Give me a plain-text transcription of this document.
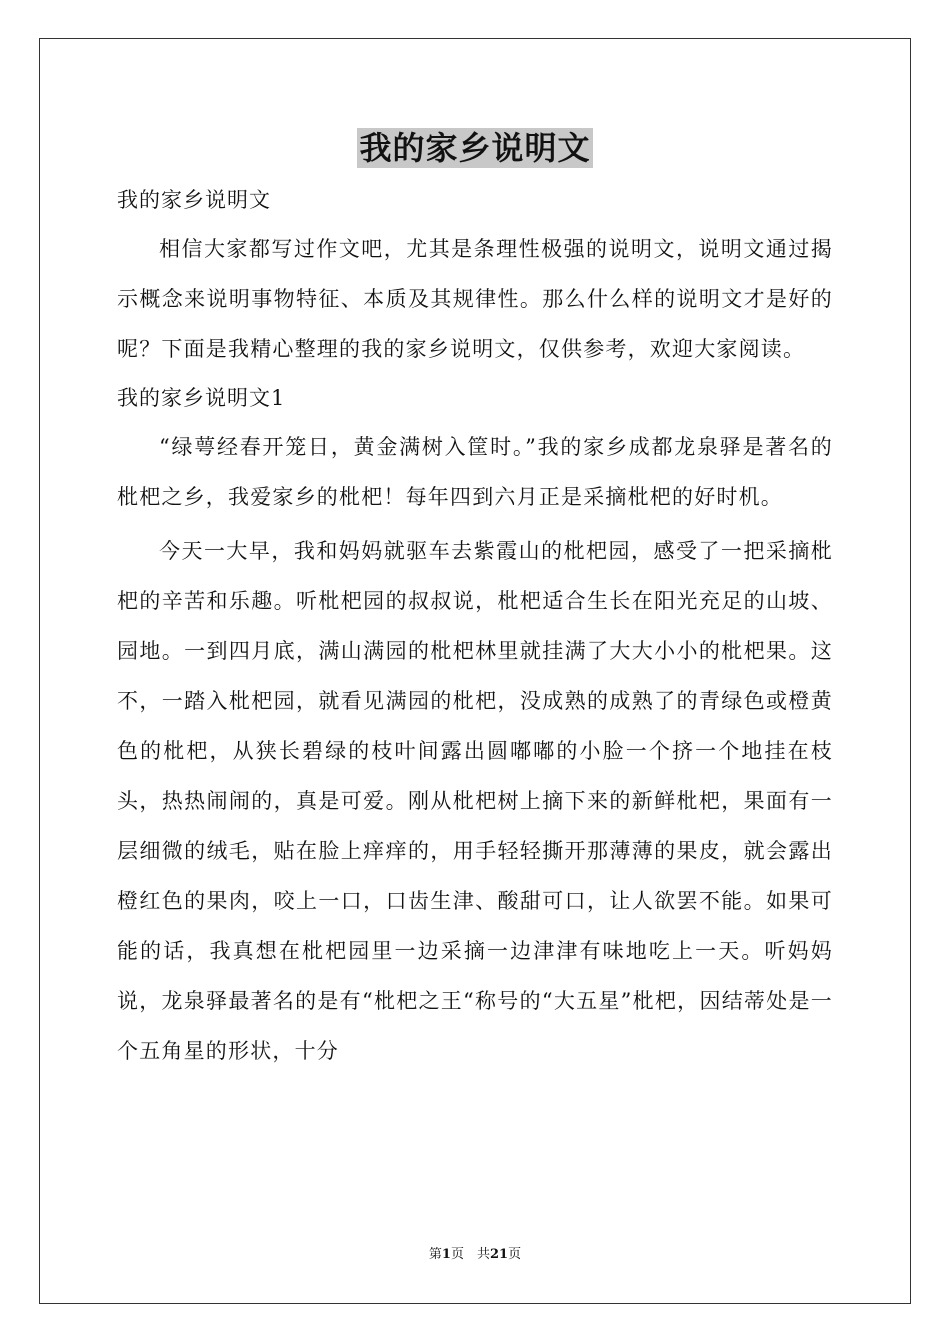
我的家乡说明文

我的家乡说明文

相信大家都写过作文吧，尤其是条理性极强的说明文，说明文通过揭示概念来说明事物特征、本质及其规律性。那么什么样的说明文才是好的呢？下面是我精心整理的我的家乡说明文，仅供参考，欢迎大家阅读。

我的家乡说明文1

“绿萼经春开笼日，黄金满树入筐时。”我的家乡成都龙泉驿是著名的枇杷之乡，我爱家乡的枇杷！每年四到六月正是采摘枇杷的好时机。

今天一大早，我和妈妈就驱车去紫霞山的枇杷园，感受了一把采摘枇杷的辛苦和乐趣。听枇杷园的叔叔说，枇杷适合生长在阳光充足的山坡、园地。一到四月底，满山满园的枇杷林里就挂满了大大小小的枇杷果。这不，一踏入枇杷园，就看见满园的枇杷，没成熟的成熟了的青绿色或橙黄色的枇杷，从狭长碧绿的枝叶间露出圆嘟嘟的小脸一个挤一个地挂在枝头，热热闹闹的，真是可爱。刚从枇杷树上摘下来的新鲜枇杷，果面有一层细微的绒毛，贴在脸上痒痒的，用手轻轻撕开那薄薄的果皮，就会露出橙红色的果肉，咬上一口，口齿生津、酸甜可口，让人欲罢不能。如果可能的话，我真想在枇杷园里一边采摘一边津津有味地吃上一天。听妈妈说，龙泉驿最著名的是有“枇杷之王“称号的“大五星”枇杷，因结蒂处是一个五角星的形状，十分

第1页　共21页
